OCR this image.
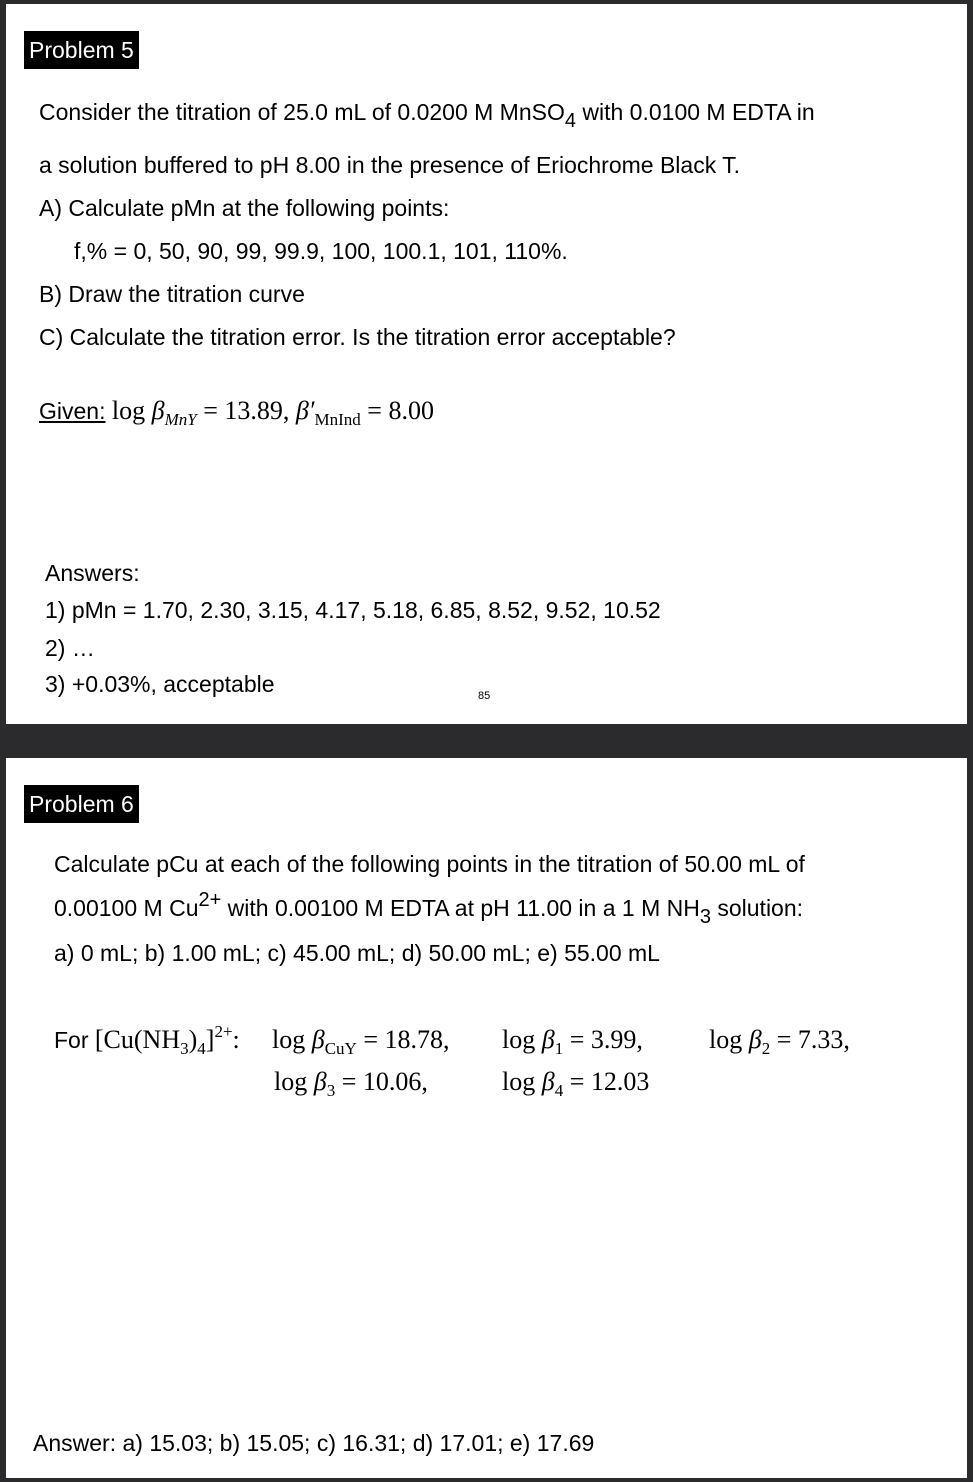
Problem 5
Consider the titration of 25.0 mL of 0.0200 M MnSO$_4$ with 0.0100 M EDTA in
a solution buffered to pH 8.00 in the presence of Eriochrome Black T.
A) Calculate pMn at the following points:
f,% = 0, 50, 90, 99, 99.9, 100, 100.1, 101, 110%.
B) Draw the titration curve
C) Calculate the titration error. Is the titration error acceptable?
Given: $\log \beta_{MnY} = 13.89$, $\beta'_{MnInd} = 8.00$
Answers:
1) pMn = 1.70, 2.30, 3.15, 4.17, 5.18, 6.85, 8.52, 9.52, 10.52
2) …
3) +0.03%, acceptable	85
Problem 6
Calculate pCu at each of the following points in the titration of 50.00 mL of
0.00100 M $Cu^{2+}$ with 0.00100 M EDTA at pH 11.00 in a 1 M $NH_3$ solution:
a) 0 mL; b) 1.00 mL; c) 45.00 mL; d) 50.00 mL; e) 55.00 mL
For $[Cu(NH_3)_4]^{2+}$: $\log \beta_{CuY} = 18.78$, $\log \beta_1 = 3.99$,	$\log \beta_2 = 7.33$,
$\log \beta_3 = 10.06$,	$\log \beta_4 = 12.03$
Answer: a) 15.03; b) 15.05; c) 16.31; d) 17.01; e) 17.69
